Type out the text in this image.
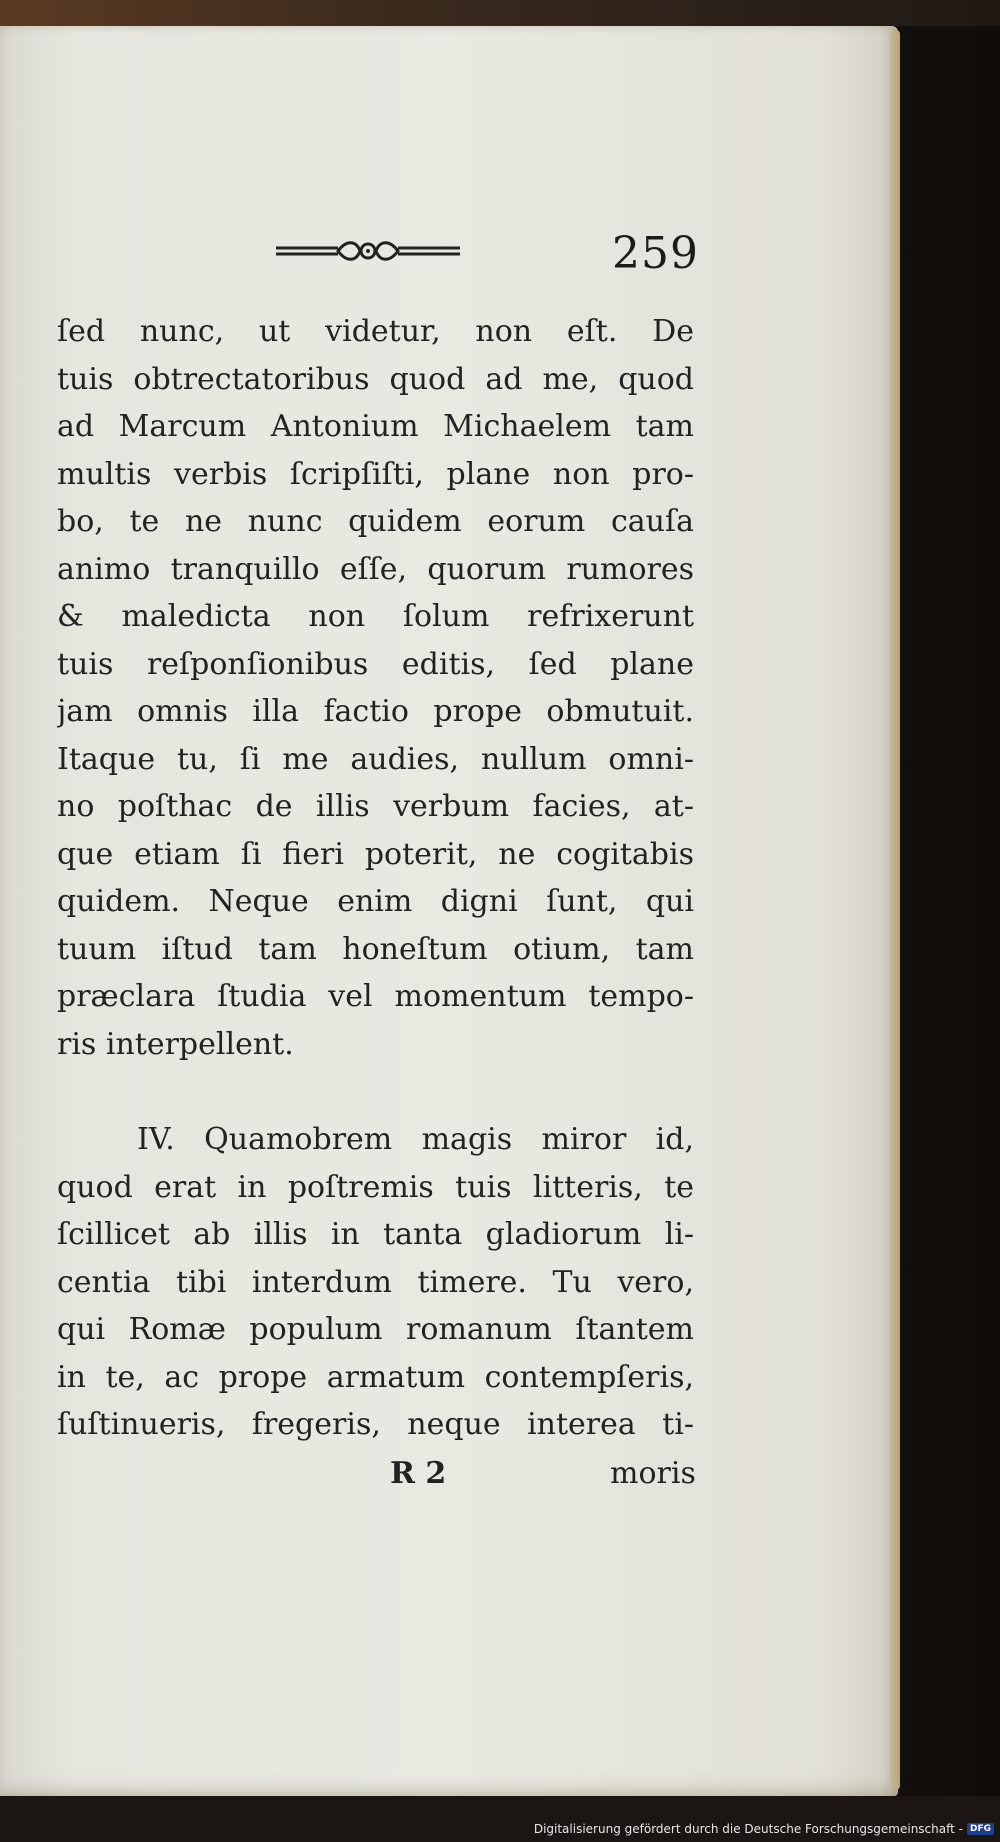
259
ſed nunc, ut videtur, non eſt. De
tuis obtrectatoribus quod ad me, quod
ad Marcum Antonium Michaelem tam
multis verbis ſcripſiſti, plane non pro-
bo, te ne nunc quidem eorum cauſa
animo tranquillo eſſe, quorum rumores
& maledicta non ſolum refrixerunt
tuis reſponſionibus editis, ſed plane
jam omnis illa factio prope obmutuit.
Itaque tu, ſi me audies, nullum omni-
no poſthac de illis verbum facies, at-
que etiam ſi fieri poterit, ne cogitabis
quidem. Neque enim digni ſunt, qui
tuum iſtud tam honeſtum otium, tam
præclara ſtudia vel momentum tempo-
ris interpellent.
IV. Quamobrem magis miror id,
quod erat in poſtremis tuis litteris, te
ſcillicet ab illis in tanta gladiorum li-
centia tibi interdum timere. Tu vero,
qui Romæ populum romanum ſtantem
in te, ac prope armatum contempſeris,
ſuſtinueris, fregeris, neque interea ti-
R 2	moris
Digitalisierung gefördert durch die Deutsche Forschungsgemeinschaft - DFG
